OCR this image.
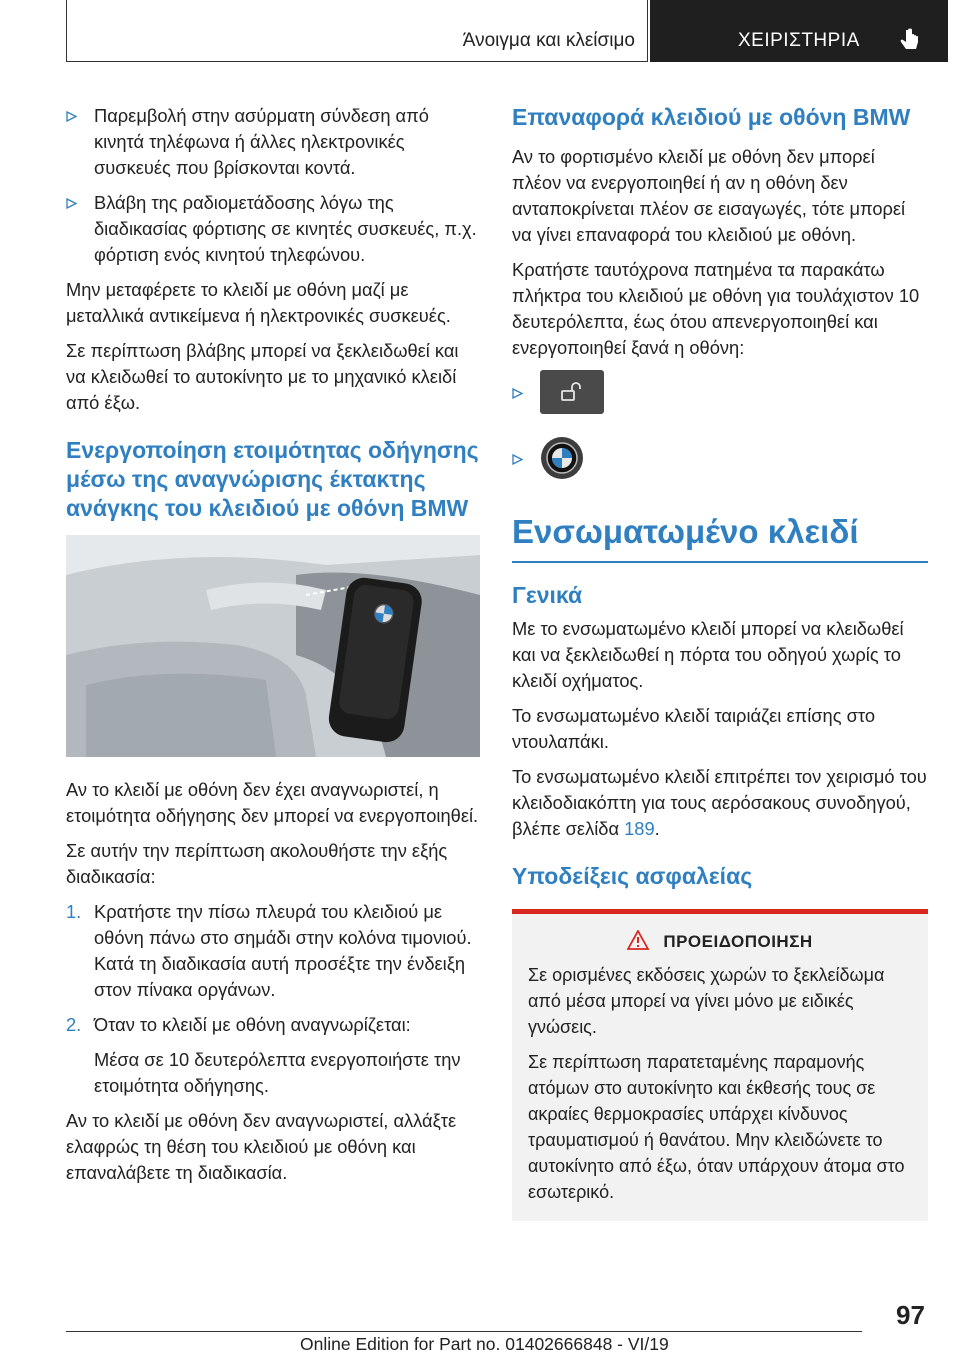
Άνοιγμα και κλείσιμο	ΧΕΙΡΙΣΤΗΡΙΑ
Παρεμβολή στην ασύρματη σύνδεση από κινητά τηλέφωνα ή άλλες ηλεκτρονικές συσκευές που βρίσκονται κοντά.
Βλάβη της ραδιομετάδοσης λόγω της διαδικασίας φόρτισης σε κινητές συσκευές, π.χ. φόρτιση ενός κινητού τηλεφώνου.

Μην μεταφέρετε το κλειδί με οθόνη μαζί με μεταλλικά αντικείμενα ή ηλεκτρονικές συσκευές.

Σε περίπτωση βλάβης μπορεί να ξεκλειδωθεί και να κλειδωθεί το αυτοκίνητο με το μηχανικό κλειδί από έξω.

Ενεργοποίηση ετοιμότητας οδήγησης μέσω της αναγνώρισης έκτακτης ανάγκης του κλειδιού με οθόνη BMW

Αν το κλειδί με οθόνη δεν έχει αναγνωριστεί, η ετοιμότητα οδήγησης δεν μπορεί να ενεργοποιηθεί.

Σε αυτήν την περίπτωση ακολουθήστε την εξής διαδικασία:

1. Κρατήστε την πίσω πλευρά του κλειδιού με οθόνη πάνω στο σημάδι στην κολόνα τιμονιού. Κατά τη διαδικασία αυτή προσέξτε την ένδειξη στον πίνακα οργάνων.
2. Όταν το κλειδί με οθόνη αναγνωρίζεται:

Μέσα σε 10 δευτερόλεπτα ενεργοποιήστε την ετοιμότητα οδήγησης.

Αν το κλειδί με οθόνη δεν αναγνωριστεί, αλλάξτε ελαφρώς τη θέση του κλειδιού με οθόνη και επαναλάβετε τη διαδικασία.

Επαναφορά κλειδιού με οθόνη BMW

Αν το φορτισμένο κλειδί με οθόνη δεν μπορεί πλέον να ενεργοποιηθεί ή αν η οθόνη δεν ανταποκρίνεται πλέον σε εισαγωγές, τότε μπορεί να γίνει επαναφορά του κλειδιού με οθόνη.

Κρατήστε ταυτόχρονα πατημένα τα παρακάτω πλήκτρα του κλειδιού με οθόνη για τουλάχιστον 10 δευτερόλεπτα, έως ότου απενεργοποιηθεί και ενεργοποιηθεί ξανά η οθόνη:

Ενσωματωμένο κλειδί
Γενικά

Με το ενσωματωμένο κλειδί μπορεί να κλειδωθεί και να ξεκλειδωθεί η πόρτα του οδηγού χωρίς το κλειδί οχήματος.

Το ενσωματωμένο κλειδί ταιριάζει επίσης στο ντουλαπάκι.

Το ενσωματωμένο κλειδί επιτρέπει τον χειρισμό του κλειδοδιακόπτη για τους αερόσακους συνοδηγού, βλέπε σελίδα 189.

Υποδείξεις ασφαλείας
ΠΡΟΕΙΔΟΠΟΙΗΣΗ

Σε ορισμένες εκδόσεις χωρών το ξεκλείδωμα από μέσα μπορεί να γίνει μόνο με ειδικές γνώσεις.

Σε περίπτωση παρατεταμένης παραμονής ατόμων στο αυτοκίνητο και έκθεσής τους σε ακραίες θερμοκρασίες υπάρχει κίνδυνος τραυματισμού ή θανάτου. Μην κλειδώνετε το αυτοκίνητο από έξω, όταν υπάρχουν άτομα στο εσωτερικό.

97
Online Edition for Part no. 01402666848 - VI/19
